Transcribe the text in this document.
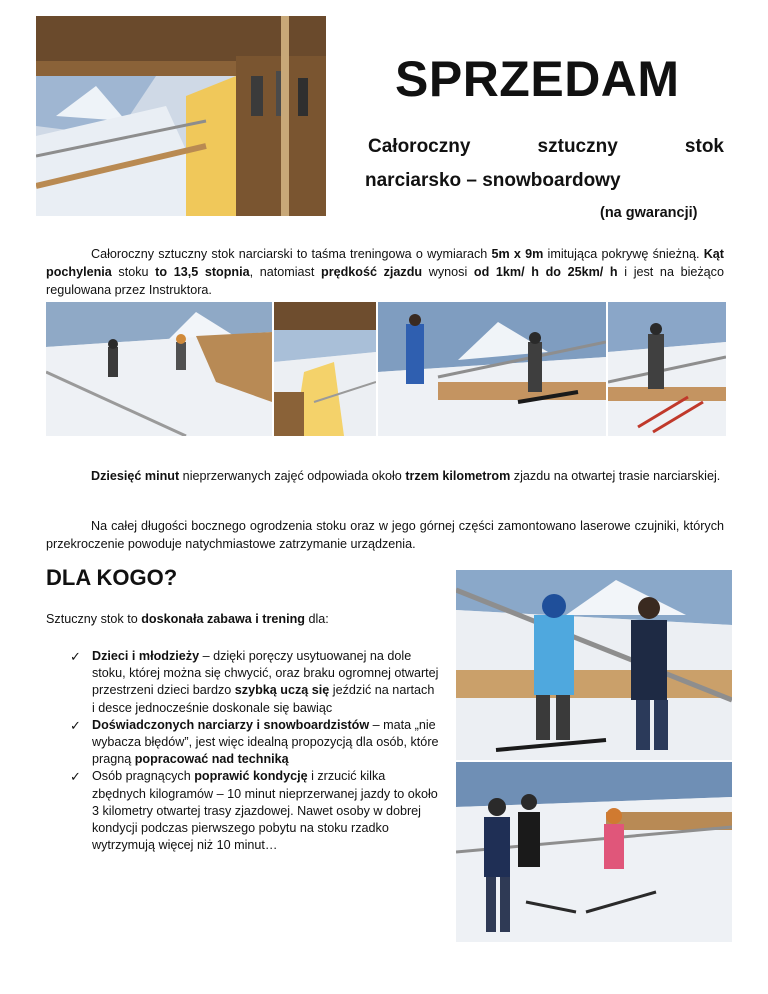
SPRZEDAM
Całoroczny	sztuczny	stok
narciarsko – snowboardowy
(na gwarancji)

Całoroczny sztuczny stok narciarski to taśma treningowa o wymiarach 5m x 9m imitująca pokrywę śnieżną. Kąt pochylenia stoku to 13,5 stopnia, natomiast prędkość zjazdu wynosi od 1km/ h do 25km/ h i jest na bieżąco regulowana przez Instruktora.

Dziesięć minut nieprzerwanych zajęć odpowiada około trzem kilometrom zjazdu na otwartej trasie narciarskiej.

Na całej długości bocznego ogrodzenia stoku oraz w jego górnej części zamontowano laserowe czujniki, których przekroczenie powoduje natychmiastowe zatrzymanie urządzenia.

DLA KOGO?
Sztuczny stok to doskonała zabawa i trening dla:
✓ Dzieci i młodzieży – dzięki poręczy usytuowanej na dole stoku, której można się chwycić, oraz braku ogromnej otwartej przestrzeni dzieci bardzo szybką uczą się jeździć na nartach i desce jednocześnie doskonale się bawiąc
✓ Doświadczonych narciarzy i snowboardzistów – mata „nie wybacza błędów”, jest więc idealną propozycją dla osób, które pragną popracować nad techniką
✓ Osób pragnących poprawić kondycję i zrzucić kilka zbędnych kilogramów – 10 minut nieprzerwanej jazdy to około 3 kilometry otwartej trasy zjazdowej. Nawet osoby w dobrej kondycji podczas pierwszego pobytu na stoku rzadko wytrzymują więcej niż 10 minut…
